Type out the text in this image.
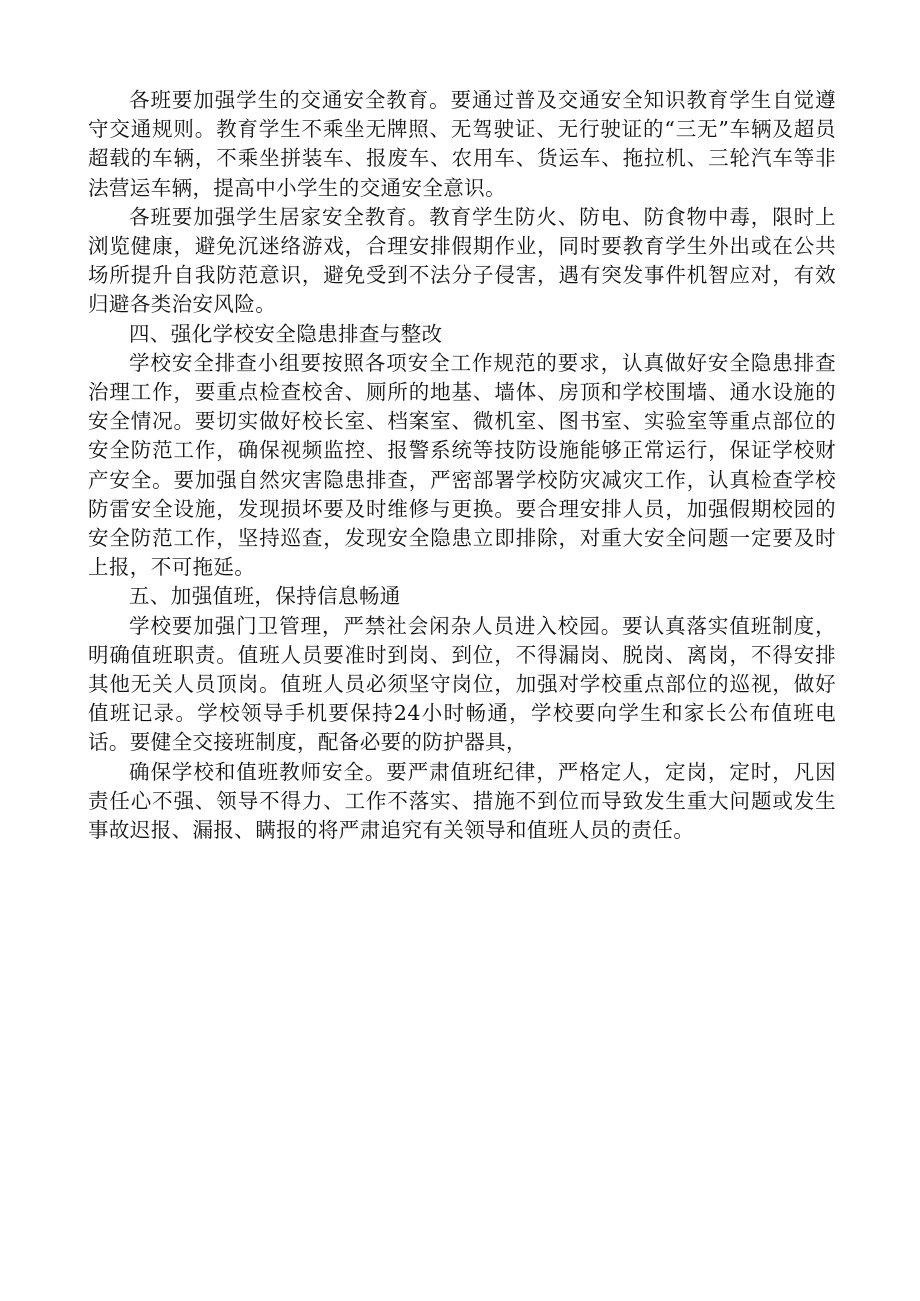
各班要加强学生的交通安全教育。要通过普及交通安全知识教育学生自觉遵守交通规则。教育学生不乘坐无牌照、无驾驶证、无行驶证的“三无”车辆及超员超载的车辆，不乘坐拼装车、报废车、农用车、货运车、拖拉机、三轮汽车等非法营运车辆，提高中小学生的交通安全意识。

各班要加强学生居家安全教育。教育学生防火、防电、防食物中毒，限时上浏览健康，避免沉迷络游戏，合理安排假期作业，同时要教育学生外出或在公共场所提升自我防范意识，避免受到不法分子侵害，遇有突发事件机智应对，有效归避各类治安风险。

四、强化学校安全隐患排查与整改

学校安全排查小组要按照各项安全工作规范的要求，认真做好安全隐患排查治理工作，要重点检查校舍、厕所的地基、墙体、房顶和学校围墙、通水设施的安全情况。要切实做好校长室、档案室、微机室、图书室、实验室等重点部位的安全防范工作，确保视频监控、报警系统等技防设施能够正常运行，保证学校财产安全。要加强自然灾害隐患排查，严密部署学校防灾减灾工作，认真检查学校防雷安全设施，发现损坏要及时维修与更换。要合理安排人员，加强假期校园的安全防范工作，坚持巡查，发现安全隐患立即排除，对重大安全问题一定要及时上报，不可拖延。

五、加强值班，保持信息畅通

学校要加强门卫管理，严禁社会闲杂人员进入校园。要认真落实值班制度，明确值班职责。值班人员要准时到岗、到位，不得漏岗、脱岗、离岗，不得安排其他无关人员顶岗。值班人员必须坚守岗位，加强对学校重点部位的巡视，做好值班记录。学校领导手机要保持24小时畅通，学校要向学生和家长公布值班电话。要健全交接班制度，配备必要的防护器具，

确保学校和值班教师安全。要严肃值班纪律，严格定人，定岗，定时，凡因责任心不强、领导不得力、工作不落实、措施不到位而导致发生重大问题或发生事故迟报、漏报、瞒报的将严肃追究有关领导和值班人员的责任。
